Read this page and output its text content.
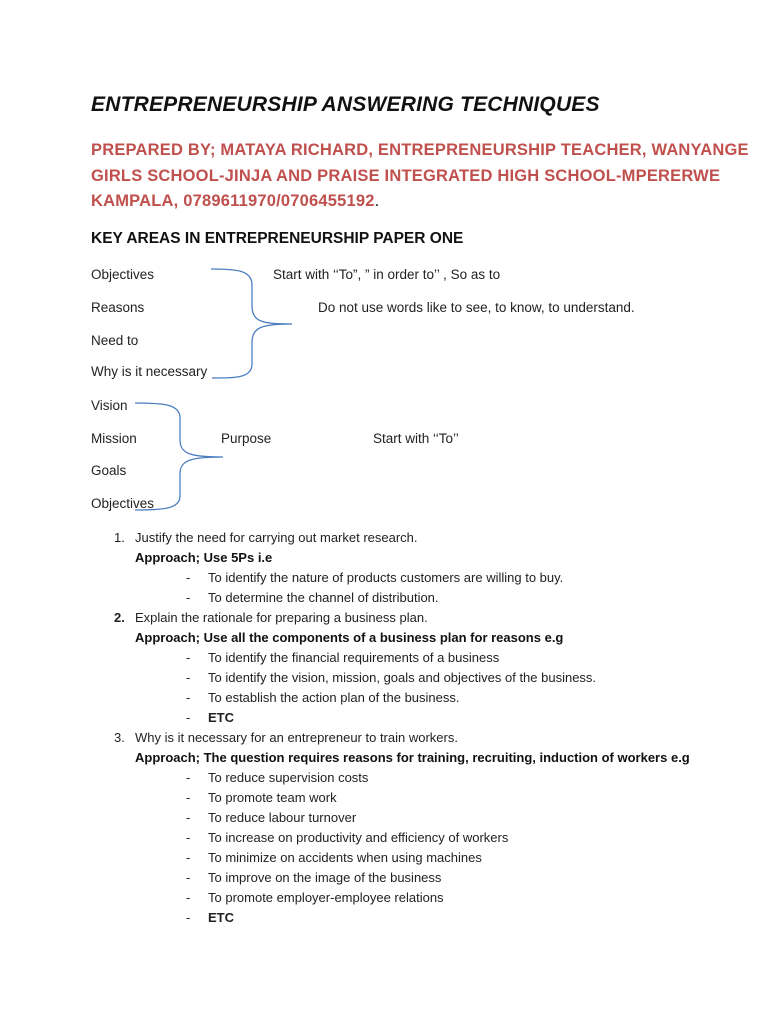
ENTREPRENEURSHIP ANSWERING TECHNIQUES
PREPARED BY; MATAYA RICHARD, ENTREPRENEURSHIP TEACHER, WANYANGE
GIRLS SCHOOL-JINJA AND PRAISE INTEGRATED HIGH SCHOOL-MPERERWE
KAMPALA, 0789611970/0706455192.
KEY AREAS IN ENTREPRENEURSHIP PAPER ONE
Objectives
Reasons
Need to
Why is it necessary
Start with ‘‘To”, ” in order to’’ , So as to
Do not use words like to see, to know, to understand.
Vision
Mission
Goals
Objectives
Purpose	Start with ‘‘To’’
1. Justify the need for carrying out market research.
Approach; Use 5Ps i.e
- To identify the nature of products customers are willing to buy.
- To determine the channel of distribution.
2. Explain the rationale for preparing a business plan.
Approach; Use all the components of a business plan for reasons e.g
- To identify the financial requirements of a business
- To identify the vision, mission, goals and objectives of the business.
- To establish the action plan of the business.
- ETC
3. Why is it necessary for an entrepreneur to train workers.
Approach; The question requires reasons for training, recruiting, induction of workers e.g
- To reduce supervision costs
- To promote team work
- To reduce labour turnover
- To increase on productivity and efficiency of workers
- To minimize on accidents when using machines
- To improve on the image of the business
- To promote employer-employee relations
- ETC
